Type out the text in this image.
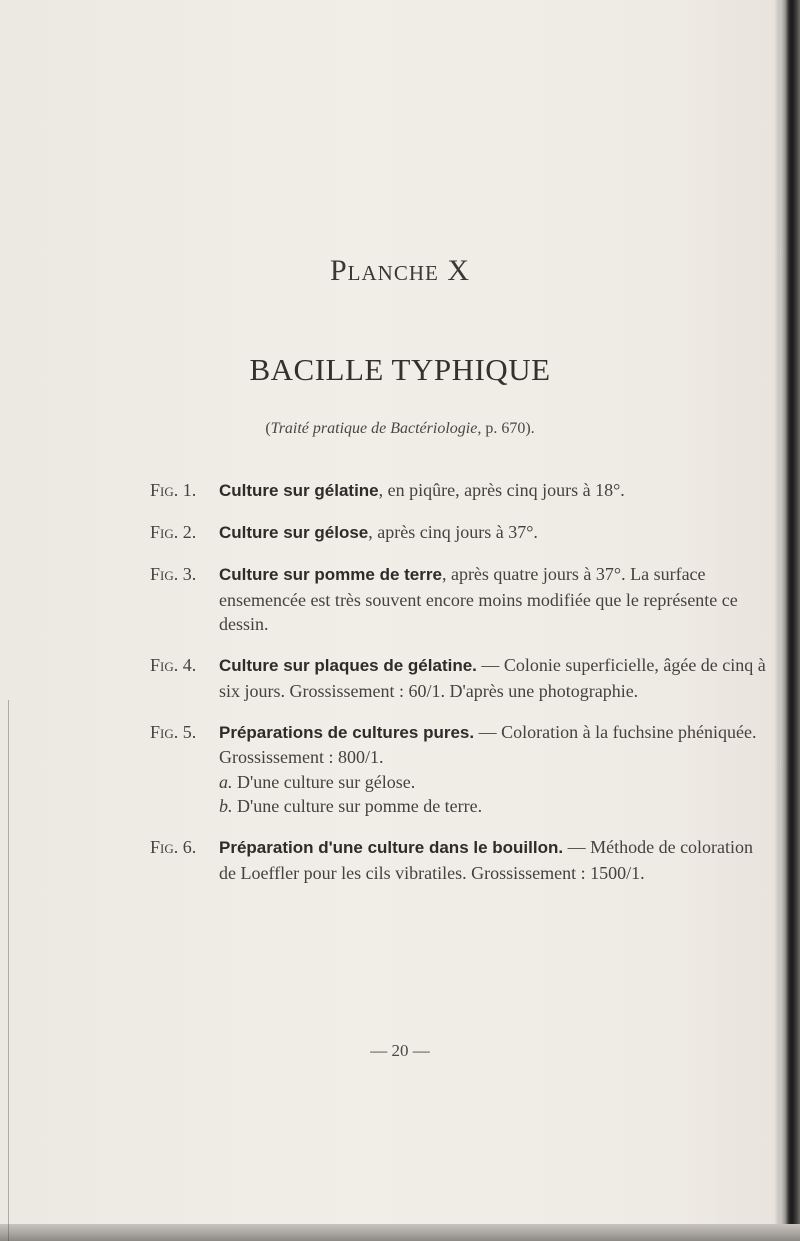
Planche X
BACILLE TYPHIQUE
(Traité pratique de Bactériologie, p. 670).
Fig. 1. Culture sur gélatine, en piqûre, après cinq jours à 18°.
Fig. 2. Culture sur gélose, après cinq jours à 37°.
Fig. 3. Culture sur pomme de terre, après quatre jours à 37°. La surface ensemencée est très souvent encore moins modifiée que le représente ce dessin.
Fig. 4. Culture sur plaques de gélatine. — Colonie superficielle, âgée de cinq à six jours. Grossissement : 60/1. D'après une photographie.
Fig. 5. Préparations de cultures pures. — Coloration à la fuchsine phéniquée. Grossissement : 800/1.
a. D'une culture sur gélose.
b. D'une culture sur pomme de terre.
Fig. 6. Préparation d'une culture dans le bouillon. — Méthode de coloration de Loeffler pour les cils vibratiles. Grossissement : 1500/1.
— 20 —
